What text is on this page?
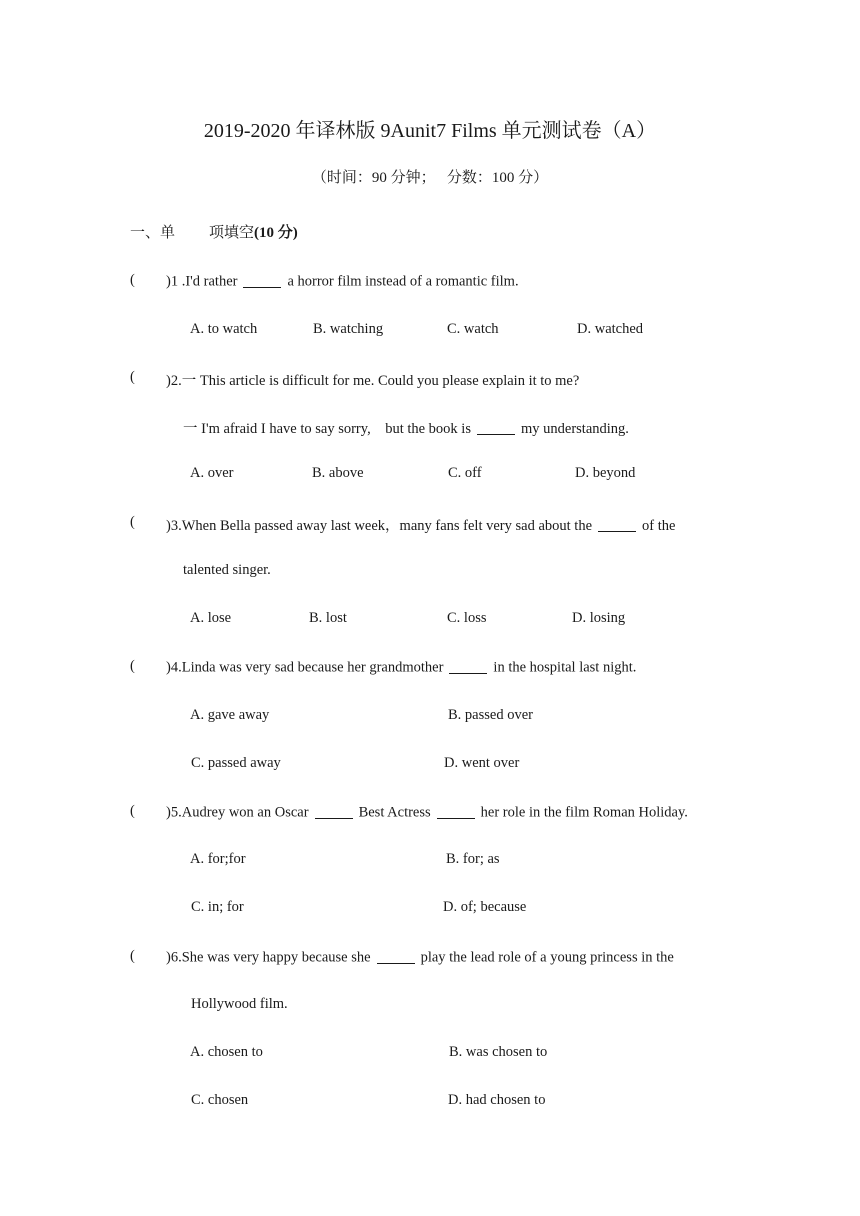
2019-2020 年译林版 9Aunit7 Films 单元测试卷（A）
（时间：90 分钟；　 分数：100 分）
一、单 项填空(10 分)
( )1 .I'd rather	a horror film instead of a romantic film.
A. to watch	B. watching	C. watch	D. watched
( )2.一 This article is difficult for me. Could you please explain it to me?
一 I'm afraid I have to say sorry,　but the book is	my understanding.
A. over	B. above	C. off	D. beyond
( )3.When Bella passed away last week，many fans felt very sad about the	of the
talented singer.
A. lose	B. lost	C. loss	D. losing
( )4.Linda was very sad because her grandmother	in the hospital last night.
A. gave away	B. passed over
C. passed away	D. went over
( )5.Audrey won an Oscar	Best Actress	her role in the film Roman Holiday.
A. for;for	B. for; as
C. in; for	D. of; because
( )6.She was very happy because she	play the lead role of a young princess in the
Hollywood film.
A. chosen to	B. was chosen to
C. chosen	D. had chosen to
